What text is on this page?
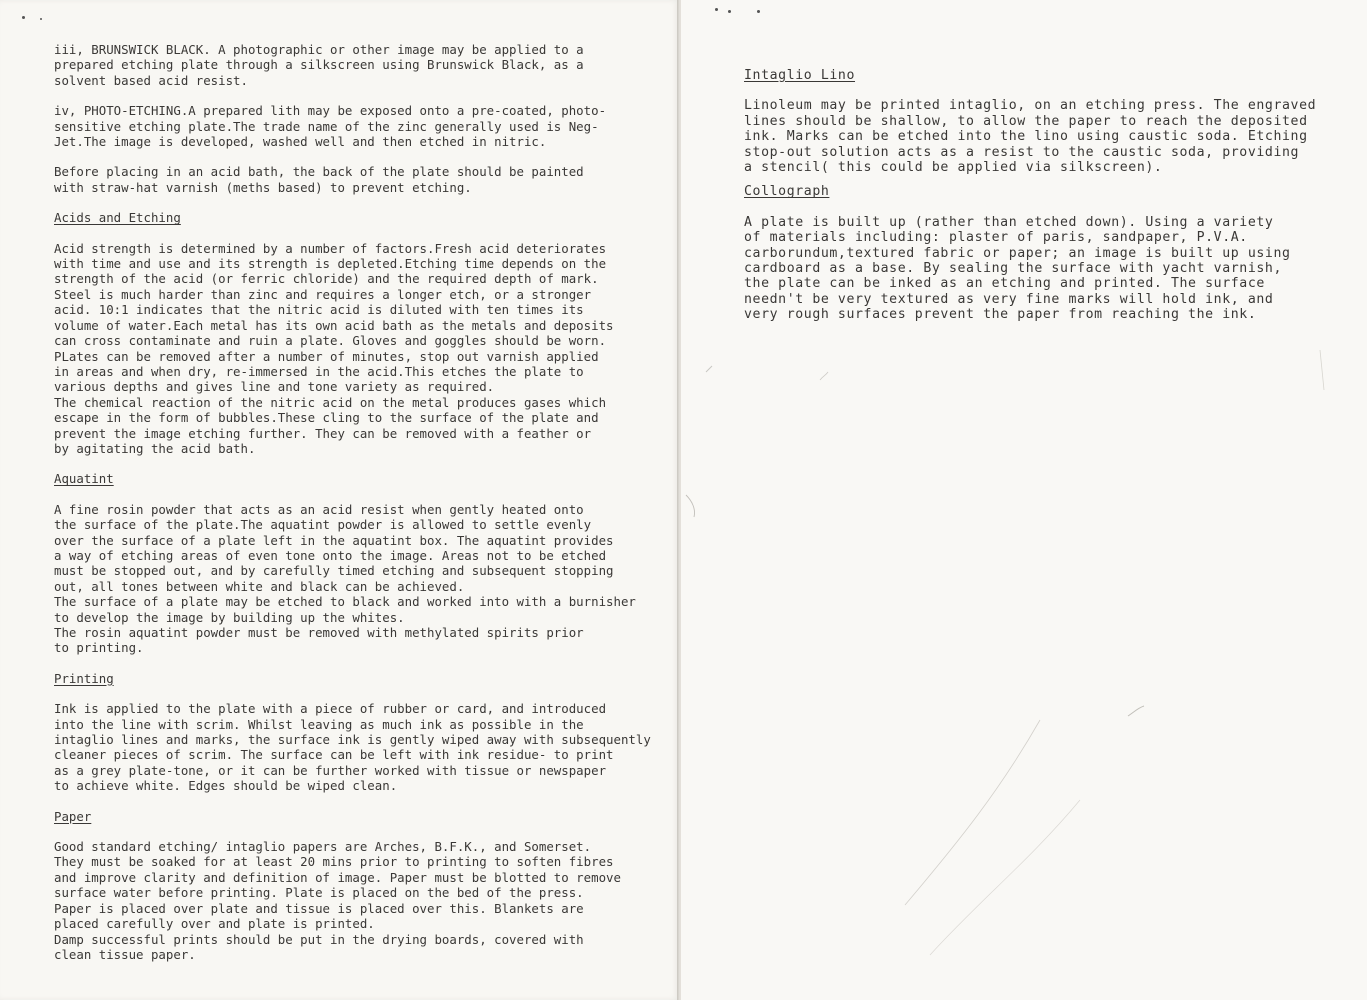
iii, BRUNSWICK BLACK. A photographic or other image may be applied to a
prepared etching plate through a silkscreen using Brunswick Black, as a
solvent based acid resist.
iv, PHOTO-ETCHING.A prepared lith may be exposed onto a pre-coated, photo-
sensitive etching plate.The trade name of the zinc generally used is Neg-
Jet.The image is developed, washed well and then etched in nitric.
Before placing in an acid bath, the back of the plate should be painted
with straw-hat varnish (meths based) to prevent etching.
Acids and Etching
Acid strength is determined by a number of factors.Fresh acid deteriorates
with time and use and its strength is depleted.Etching time depends on the
strength of the acid (or ferric chloride) and the required depth of mark.
Steel is much harder than zinc and requires a longer etch, or a stronger
acid. 10:1 indicates that the nitric acid is diluted with ten times its
volume of water.Each metal has its own acid bath as the metals and deposits
can cross contaminate and ruin a plate. Gloves and goggles should be worn.
PLates can be removed after a number of minutes, stop out varnish applied
in areas and when dry, re-immersed in the acid.This etches the plate to
various depths and gives line and tone variety as required.
The chemical reaction of the nitric acid on the metal produces gases which
escape in the form of bubbles.These cling to the surface of the plate and
prevent the image etching further. They can be removed with a feather or
by agitating the acid bath.
Aquatint
A fine rosin powder that acts as an acid resist when gently heated onto
the surface of the plate.The aquatint powder is allowed to settle evenly
over the surface of a plate left in the aquatint box. The aquatint provides
a way of etching areas of even tone onto the image. Areas not to be etched
must be stopped out, and by carefully timed etching and subsequent stopping
out, all tones between white and black can be achieved.
The surface of a plate may be etched to black and worked into with a burnisher
to develop the image by building up the whites.
The rosin aquatint powder must be removed with methylated spirits prior
to printing.
Printing
Ink is applied to the plate with a piece of rubber or card, and introduced
into the line with scrim. Whilst leaving as much ink as possible in the
intaglio lines and marks, the surface ink is gently wiped away with subsequently
cleaner pieces of scrim. The surface can be left with ink residue- to print
as a grey plate-tone, or it can be further worked with tissue or newspaper
to achieve white. Edges should be wiped clean.
Paper
Good standard etching/ intaglio papers are Arches, B.F.K., and Somerset.
They must be soaked for at least 20 mins prior to printing to soften fibres
and improve clarity and definition of image. Paper must be blotted to remove
surface water before printing. Plate is placed on the bed of the press.
Paper is placed over plate and tissue is placed over this. Blankets are
placed carefully over and plate is printed.
Damp successful prints should be put in the drying boards, covered with
clean tissue paper.
Intaglio Lino
Linoleum may be printed intaglio, on an etching press. The engraved
lines should be shallow, to allow the paper to reach the deposited
ink. Marks can be etched into the lino using caustic soda. Etching
stop-out solution acts as a resist to the caustic soda, providing
a stencil( this could be applied via silkscreen).
Collograph
A plate is built up (rather than etched down). Using a variety
of materials including: plaster of paris, sandpaper, P.V.A.
carborundum,textured fabric or paper; an image is built up using
cardboard as a base. By sealing the surface with yacht varnish,
the plate can be inked as an etching and printed. The surface
needn't be very textured as very fine marks will hold ink, and
very rough surfaces prevent the paper from reaching the ink.
